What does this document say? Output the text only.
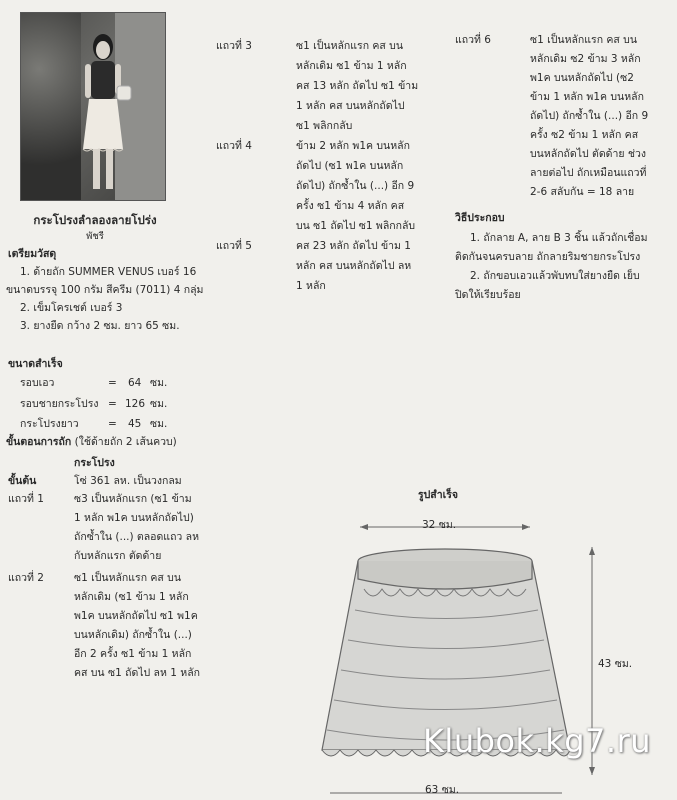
กระโปรงลำลองลายโปร่ง
พัชรี
เตรียมวัสดุ
1. ด้ายถัก SUMMER VENUS เบอร์ 16
ขนาดบรรจุ 100 กรัม สีครีม (7011) 4 กลุ่ม
2. เข็มโครเชต์ เบอร์ 3
3. ยางยืด กว้าง 2 ซม. ยาว 65 ซม.
ขนาดสำเร็จ
รอบเอว	= 64 ซม.
รอบชายกระโปรง = 126 ซม.
กระโปรงยาว	= 45 ซม.
ขั้นตอนการถัก (ใช้ด้ายถัก 2 เส้นควบ)
กระโปรง
ขั้นต้น	โซ่ 361 ลห. เป็นวงกลม
แถวที่ 1	ซ3 เป็นหลักแรก (ซ1 ข้าม
1 หลัก พ1ค บนหลักถัดไป)
ถักซ้ำใน (...) ตลอดแถว ลห
กับหลักแรก ตัดด้าย
แถวที่ 2	ซ1 เป็นหลักแรก คส บน
หลักเดิม (ซ1 ข้าม 1 หลัก
พ1ค บนหลักถัดไป ซ1 พ1ค
บนหลักเดิม) ถักซ้ำใน (...)
อีก 2 ครั้ง ซ1 ข้าม 1 หลัก
คส บน ซ1 ถัดไป ลห 1 หลัก
แถวที่ 3	ซ1 เป็นหลักแรก คส บน
หลักเดิม ซ1 ข้าม 1 หลัก
คส 13 หลัก ถัดไป ซ1 ข้าม
1 หลัก คส บนหลักถัดไป
ซ1 พลิกกลับ
แถวที่ 4	ข้าม 2 หลัก พ1ค บนหลัก
ถัดไป (ซ1 พ1ค บนหลัก
ถัดไป) ถักซ้ำใน (...) อีก 9
ครั้ง ซ1 ข้าม 4 หลัก คส
บน ซ1 ถัดไป ซ1 พลิกกลับ
แถวที่ 5	คส 23 หลัก ถัดไป ข้าม 1
หลัก คส บนหลักถัดไป ลห
1 หลัก
แถวที่ 6	ซ1 เป็นหลักแรก คส บน
หลักเดิม ซ2 ข้าม 3 หลัก
พ1ค บนหลักถัดไป (ซ2
ข้าม 1 หลัก พ1ค บนหลัก
ถัดไป) ถักซ้ำใน (...) อีก 9
ครั้ง ซ2 ข้าม 1 หลัก คส
บนหลักถัดไป ตัดด้าย ช่วง
ลายต่อไป ถักเหมือนแถวที่
2-6 สลับกัน = 18 ลาย
วิธีประกอบ
1. ถักลาย A, ลาย B 3 ชิ้น แล้วถักเชื่อม
ติดกันจนครบลาย ถักลายริมชายกระโปรง
2. ถักขอบเอวแล้วพับทบใส่ยางยืด เย็บ
ปิดให้เรียบร้อย
รูปสำเร็จ
32 ซม.
43 ซม.
63 ซม.
Klubok.kg7.ru
